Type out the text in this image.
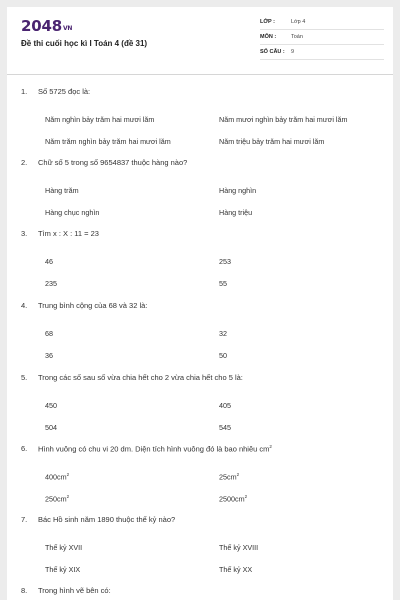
$2048_{VN}$
Đề thi cuối học kì I Toán 4 (đề 31)
LỚP :	Lớp 4
MÔN :	Toán
SỐ CÂU :	9
1.	Số 5725 đọc là:
Năm nghìn bảy trăm hai mươi lăm	Năm mươi nghìn bảy trăm hai mươi lăm
Năm trăm nghìn bảy trăm hai mươi lăm	Năm triệu bảy trăm hai mươi lăm
2.	Chữ số 5 trong số 9654837 thuộc hàng nào?
Hàng trăm	Hàng nghìn
Hàng chục nghìn	Hàng triệu
3.	Tìm x : X : 11 = 23
46	253
235	55
4.	Trung bình cộng của 68 và 32 là:
68	32
36	50
5.	Trong các số sau số vừa chia hết cho 2 vừa chia hết cho 5 là:
450	405
504	545
6.	Hình vuông có chu vi 20 dm. Diện tích hình vuông đó là bao nhiêu $cm^2$
$400cm^2$	$25cm^2$
$250cm^2$	$2500cm^2$
7.	Bác Hồ sinh năm 1890 thuộc thế kỷ nào?
Thế kỷ XVII	Thế kỷ XVIII
Thế kỷ XIX	Thế kỷ XX
8.	Trong hình vẽ bên có:
